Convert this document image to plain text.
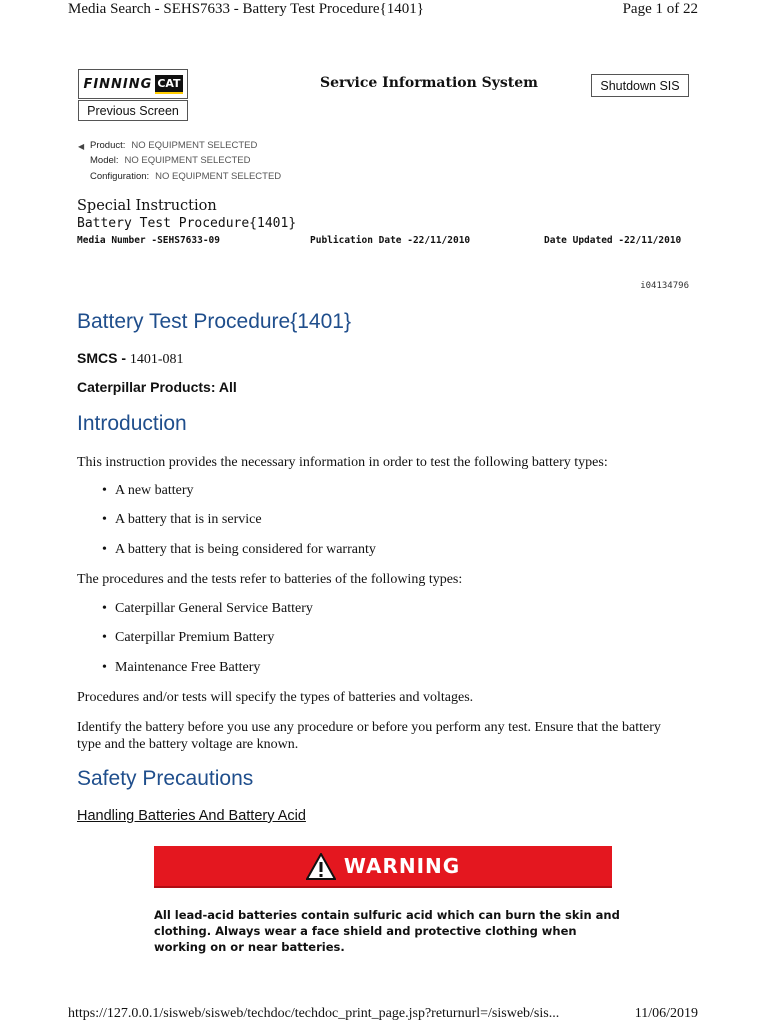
Media Search - SEHS7633 - Battery Test Procedure{1401}	Page 1 of 22
FINNING CAT	Service Information System	Shutdown SIS
Previous Screen
◀ Product: NO EQUIPMENT SELECTED
Model: NO EQUIPMENT SELECTED
Configuration: NO EQUIPMENT SELECTED
Special Instruction
Battery Test Procedure{1401}
Media Number -SEHS7633-09	Publication Date -22/11/2010	Date Updated -22/11/2010
i04134796
Battery Test Procedure{1401}
SMCS - 1401-081
Caterpillar Products: All
Introduction
This instruction provides the necessary information in order to test the following battery types:
• A new battery
• A battery that is in service
• A battery that is being considered for warranty
The procedures and the tests refer to batteries of the following types:
• Caterpillar General Service Battery
• Caterpillar Premium Battery
• Maintenance Free Battery
Procedures and/or tests will specify the types of batteries and voltages.
Identify the battery before you use any procedure or before you perform any test. Ensure that the battery type and the battery voltage are known.
Safety Precautions
Handling Batteries And Battery Acid
WARNING
All lead-acid batteries contain sulfuric acid which can burn the skin and clothing. Always wear a face shield and protective clothing when working on or near batteries.
https://127.0.0.1/sisweb/sisweb/techdoc/techdoc_print_page.jsp?returnurl=/sisweb/sis...	11/06/2019
